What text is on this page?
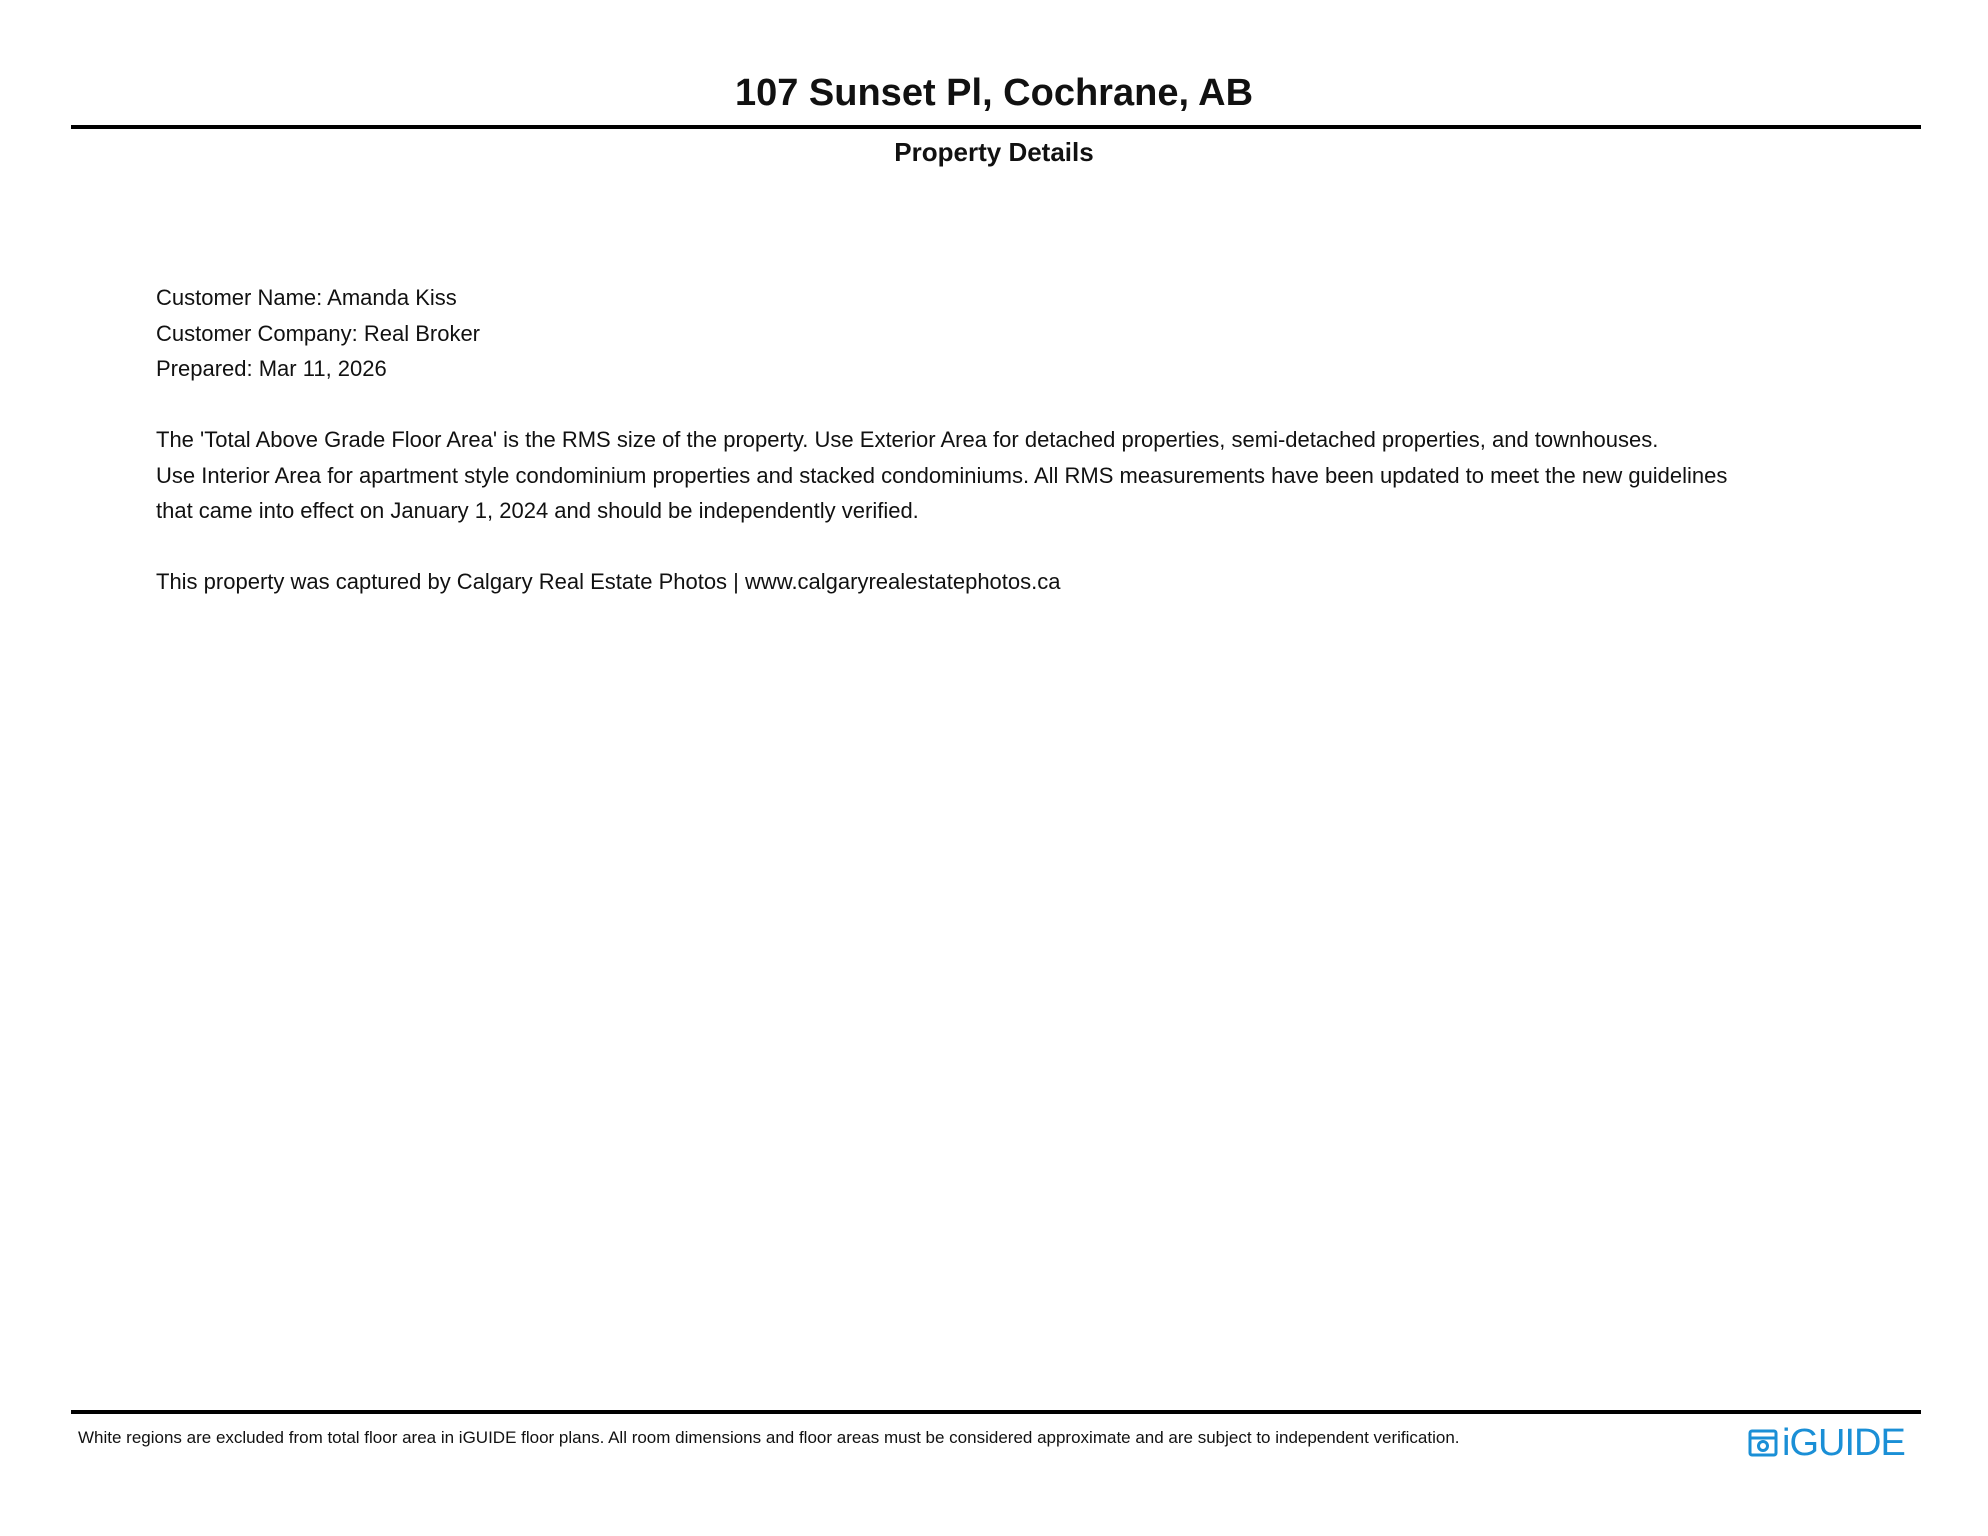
107 Sunset Pl, Cochrane, AB
Property Details

Customer Name: Amanda Kiss

Customer Company: Real Broker

Prepared: Mar 11, 2026

The 'Total Above Grade Floor Area' is the RMS size of the property. Use Exterior Area for detached properties, semi-detached properties, and townhouses.

Use Interior Area for apartment style condominium properties and stacked condominiums. All RMS measurements have been updated to meet the new guidelines

that came into effect on January 1, 2024 and should be independently verified.

This property was captured by Calgary Real Estate Photos | www.calgaryrealestatephotos.ca

White regions are excluded from total floor area in iGUIDE floor plans. All room dimensions and floor areas must be considered approximate and are subject to independent verification.	iGUIDE
